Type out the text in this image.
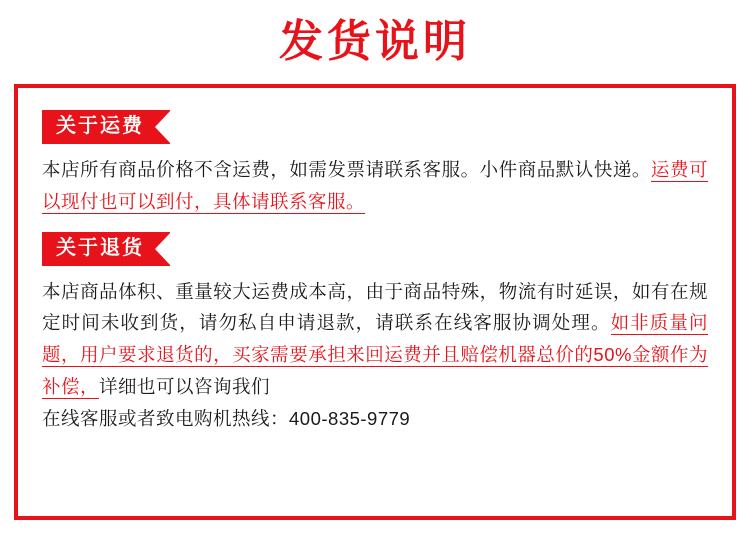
发货说明
关于运费
本店所有商品价格不含运费，如需发票请联系客服。小件商品默认快递。运费可以现付也可以到付，具体请联系客服。
关于退货
本店商品体积、重量较大运费成本高，由于商品特殊，物流有时延误，如有在规定时间未收到货，请勿私自申请退款，请联系在线客服协调处理。如非质量问题，用户要求退货的，买家需要承担来回运费并且赔偿机器总价的50%金额作为补偿，详细也可以咨询我们
在线客服或者致电购机热线：400-835-9779
